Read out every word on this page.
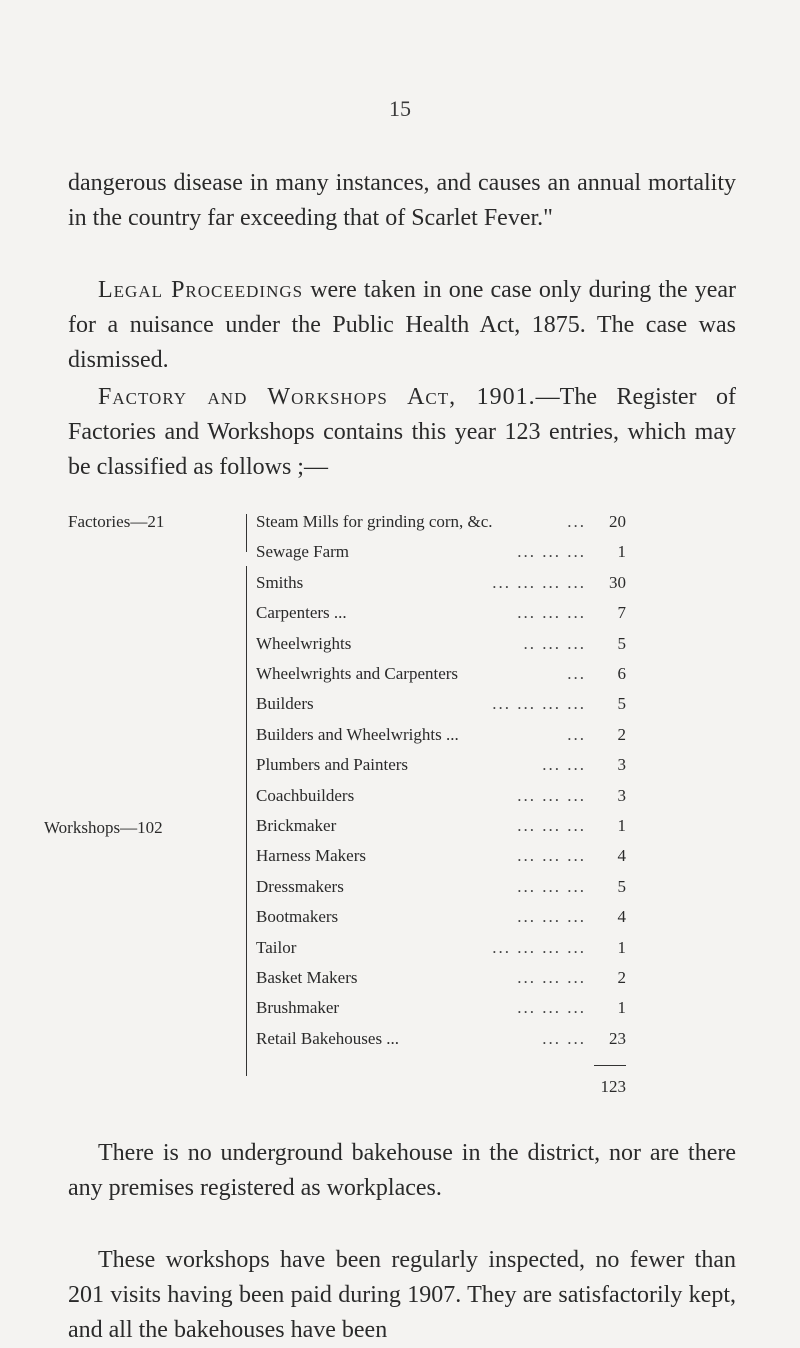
15
dangerous disease in many instances, and causes an annual mortality in the country far exceeding that of Scarlet Fever."
Legal Proceedings were taken in one case only during the year for a nuisance under the Public Health Act, 1875. The case was dismissed.
Factory and Workshops Act, 1901.—The Register of Factories and Workshops contains this year 123 entries, which may be classified as follows ;—
Factories—21
Workshops—102
Steam Mills for grinding corn, &c.	...	20
Sewage Farm	... ... ...	1
Smiths	... ... ... ...	30
Carpenters ...	... ... ...	7
Wheelwrights	.. ... ...	5
Wheelwrights and Carpenters	...	6
Builders	... ... ... ...	5
Builders and Wheelwrights ...	...	2
Plumbers and Painters	... ...	3
Coachbuilders	... ... ...	3
Brickmaker	... ... ...	1
Harness Makers	... ... ...	4
Dressmakers	... ... ...	5
Bootmakers	... ... ...	4
Tailor	... ... ... ...	1
Basket Makers	... ... ...	2
Brushmaker	... ... ...	1
Retail Bakehouses ...	... ...	23
123
There is no underground bakehouse in the district, nor are there any premises registered as workplaces.
These workshops have been regularly inspected, no fewer than 201 visits having been paid during 1907. They are satisfactorily kept, and all the bakehouses have been
